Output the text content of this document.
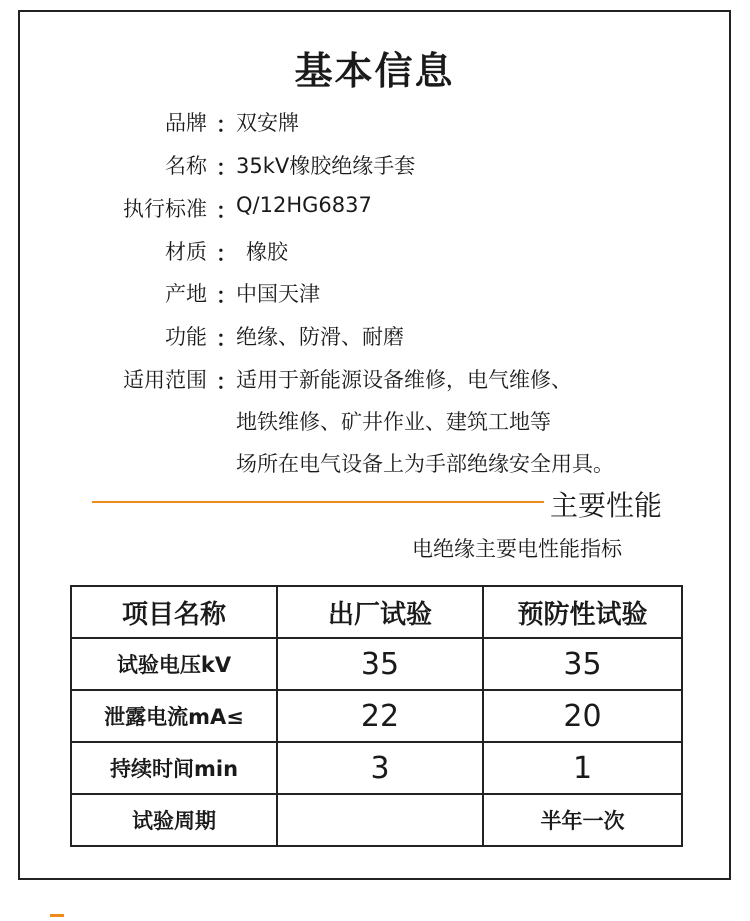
基本信息
品牌 ： 双安牌
名称 ： 35kV橡胶绝缘手套
执行标准 ： Q/12HG6837
材质 ： 橡胶
产地 ： 中国天津
功能 ： 绝缘、防滑、耐磨
适用范围 ： 适用于新能源设备维修，电气维修、
地铁维修、矿井作业、建筑工地等
场所在电气设备上为手部绝缘安全用具。
主要性能
电绝缘主要电性能指标
项目名称	出厂试验	预防性试验
试验电压kV	35	35
泄露电流mA≤	22	20
持续时间min	3	1
试验周期		半年一次
